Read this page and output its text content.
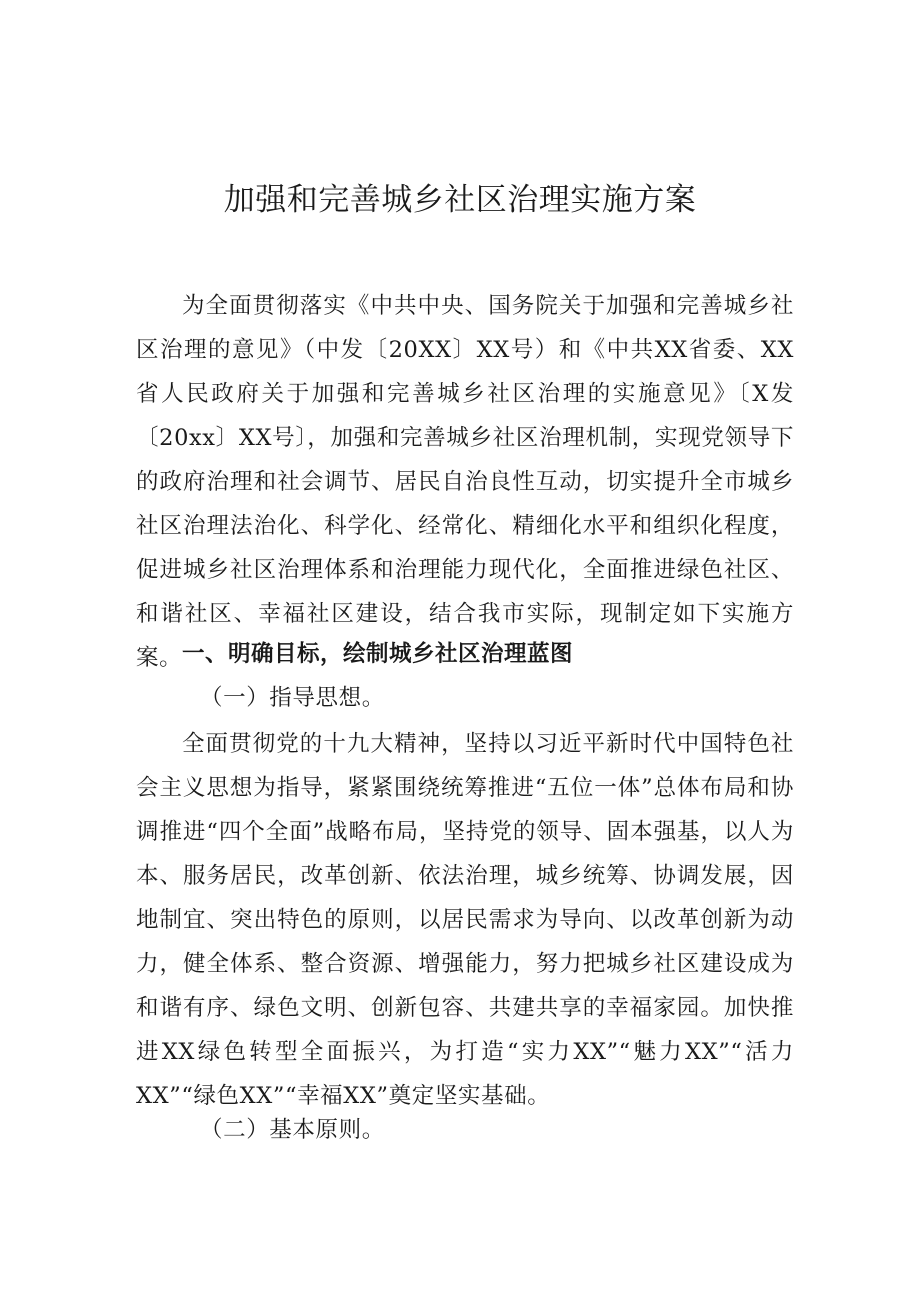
加强和完善城乡社区治理实施方案
为全面贯彻落实《中共中央、国务院关于加强和完善城乡社区治理的意见》（中发〔20XX〕XX号）和《中共XX省委、XX省人民政府关于加强和完善城乡社区治理的实施意见》〔X发〔20xx〕XX号〕，加强和完善城乡社区治理机制，实现党领导下的政府治理和社会调节、居民自治良性互动，切实提升全市城乡社区治理法治化、科学化、经常化、精细化水平和组织化程度，促进城乡社区治理体系和治理能力现代化，全面推进绿色社区、和谐社区、幸福社区建设，结合我市实际，现制定如下实施方案。 一、明确目标，绘制城乡社区治理蓝图
（一）指导思想。
全面贯彻党的十九大精神，坚持以习近平新时代中国特色社会主义思想为指导，紧紧围绕统筹推进“五位一体”总体布局和协调推进“四个全面”战略布局，坚持党的领导、固本强基，以人为本、服务居民，改革创新、依法治理，城乡统筹、协调发展，因地制宜、突出特色的原则，以居民需求为导向、以改革创新为动力，健全体系、整合资源、增强能力，努力把城乡社区建设成为和谐有序、绿色文明、创新包容、共建共享的幸福家园。加快推进XX绿色转型全面振兴，为打造“实力XX”“魅力XX”“活力XX”“绿色XX”“幸福XX”奠定坚实基础。
（二）基本原则。
